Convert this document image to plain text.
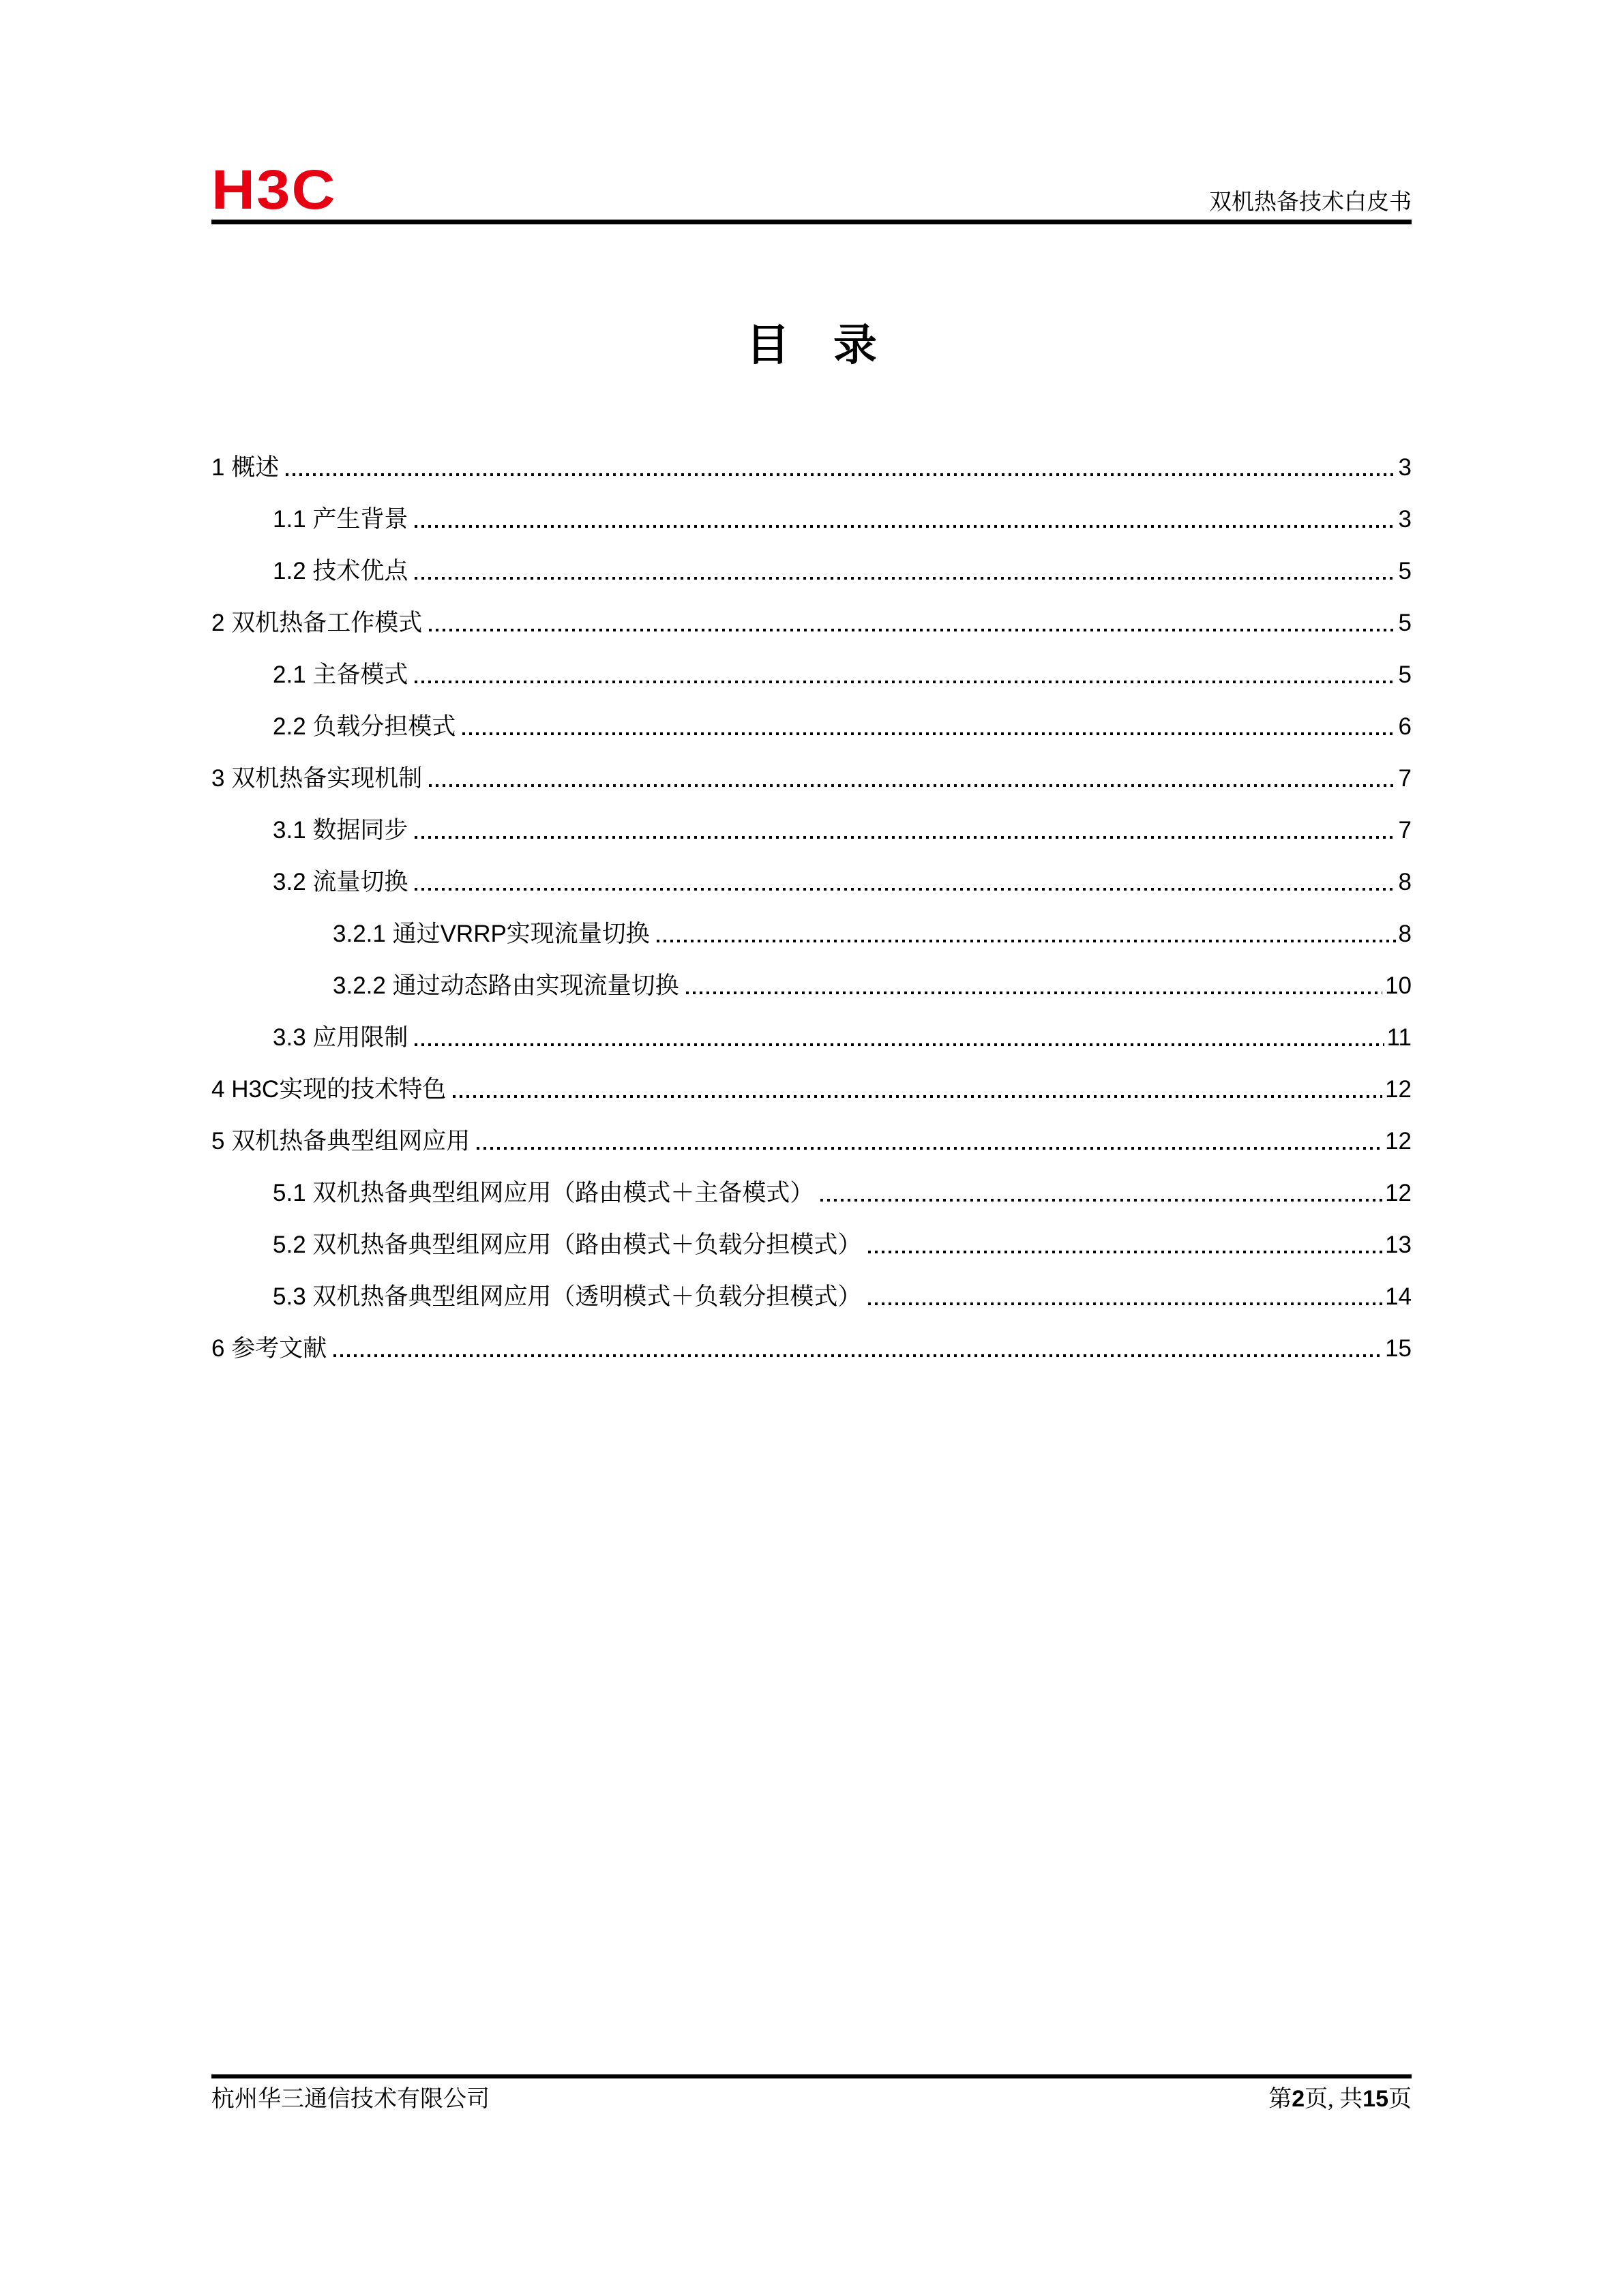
H3C	双机热备技术白皮书
目　录
1 概述	3
1.1 产生背景	3
1.2 技术优点	5
2 双机热备工作模式	5
2.1 主备模式	5
2.2 负载分担模式	6
3 双机热备实现机制	7
3.1 数据同步	7
3.2 流量切换	8
3.2.1 通过VRRP实现流量切换	8
3.2.2 通过动态路由实现流量切换	10
3.3 应用限制	11
4 H3C实现的技术特色	12
5 双机热备典型组网应用	12
5.1 双机热备典型组网应用（路由模式＋主备模式）	12
5.2 双机热备典型组网应用（路由模式＋负载分担模式）	13
5.3 双机热备典型组网应用（透明模式＋负载分担模式）	14
6 参考文献	15
杭州华三通信技术有限公司	第2页, 共15页
